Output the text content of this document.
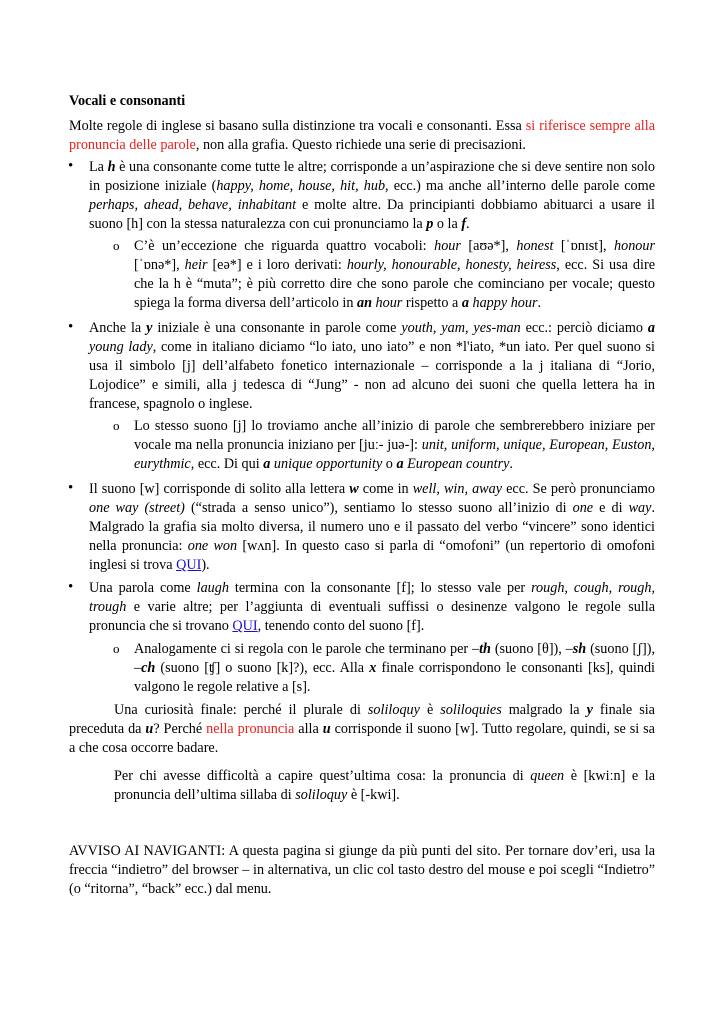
Vocali e consonanti

Molte regole di inglese si basano sulla distinzione tra vocali e consonanti. Essa si riferisce sempre alla pronuncia delle parole, non alla grafia. Questo richiede una serie di precisazioni.

• La h è una consonante come tutte le altre; corrisponde a un’aspirazione che si deve sentire non solo in posizione iniziale (happy, home, house, hit, hub, ecc.) ma anche all’interno delle parole come perhaps, ahead, behave, inhabitant e molte altre. Da principianti dobbiamo abituarci a usare il suono [h] con la stessa naturalezza con cui pronunciamo la p o la f.
o C’è un’eccezione che riguarda quattro vocaboli: hour [aʊə*], honest [ˈɒnɪst], honour [ˈɒnə*], heir [eə*] e i loro derivati: hourly, honourable, honesty, heiress, ecc. Si usa dire che la h è “muta”; è più corretto dire che sono parole che cominciano per vocale; questo spiega la forma diversa dell’articolo in an hour rispetto a a happy hour.
• Anche la y iniziale è una consonante in parole come youth, yam, yes-man ecc.: perciò diciamo a young lady, come in italiano diciamo “lo iato, uno iato” e non *l'iato, *un iato. Per quel suono si usa il simbolo [j] dell’alfabeto fonetico internazionale – corrisponde a la j italiana di “Jorio, Lojodice” e simili, alla j tedesca di “Jung” - non ad alcuno dei suoni che quella lettera ha in francese, spagnolo o inglese.
o Lo stesso suono [j] lo troviamo anche all’inizio di parole che sembrerebbero iniziare per vocale ma nella pronuncia iniziano per [juː- juə-]: unit, uniform, unique, European, Euston, eurythmic, ecc. Di qui a unique opportunity o a European country.
• Il suono [w] corrisponde di solito alla lettera w come in well, win, away ecc. Se però pronunciamo one way (street) (“strada a senso unico”), sentiamo lo stesso suono all’inizio di one e di way. Malgrado la grafia sia molto diversa, il numero uno e il passato del verbo “vincere” sono identici nella pronuncia: one won [wʌn]. In questo caso si parla di “omofoni” (un repertorio di omofoni inglesi si trova QUI).
• Una parola come laugh termina con la consonante [f]; lo stesso vale per rough, cough, rough, trough e varie altre; per l’aggiunta di eventuali suffissi o desinenze valgono le regole sulla pronuncia che si trovano QUI, tenendo conto del suono [f].
o Analogamente ci si regola con le parole che terminano per –th (suono [θ]), –sh (suono [ʃ]), –ch (suono [ʧ] o suono [k]?), ecc. Alla x finale corrispondono le consonanti [ks], quindi valgono le regole relative a [s].

Una curiosità finale: perché il plurale di soliloquy è soliloquies malgrado la y finale sia preceduta da u? Perché nella pronuncia alla u corrisponde il suono [w]. Tutto regolare, quindi, se si sa a che cosa occorre badare.

Per chi avesse difficoltà a capire quest’ultima cosa: la pronuncia di queen è [kwiːn] e la pronuncia dell’ultima sillaba di soliloquy è [-kwi].

AVVISO AI NAVIGANTI: A questa pagina si giunge da più punti del sito. Per tornare dov’eri, usa la freccia “indietro” del browser – in alternativa, un clic col tasto destro del mouse e poi scegli “Indietro” (o “ritorna”, “back” ecc.) dal menu.
